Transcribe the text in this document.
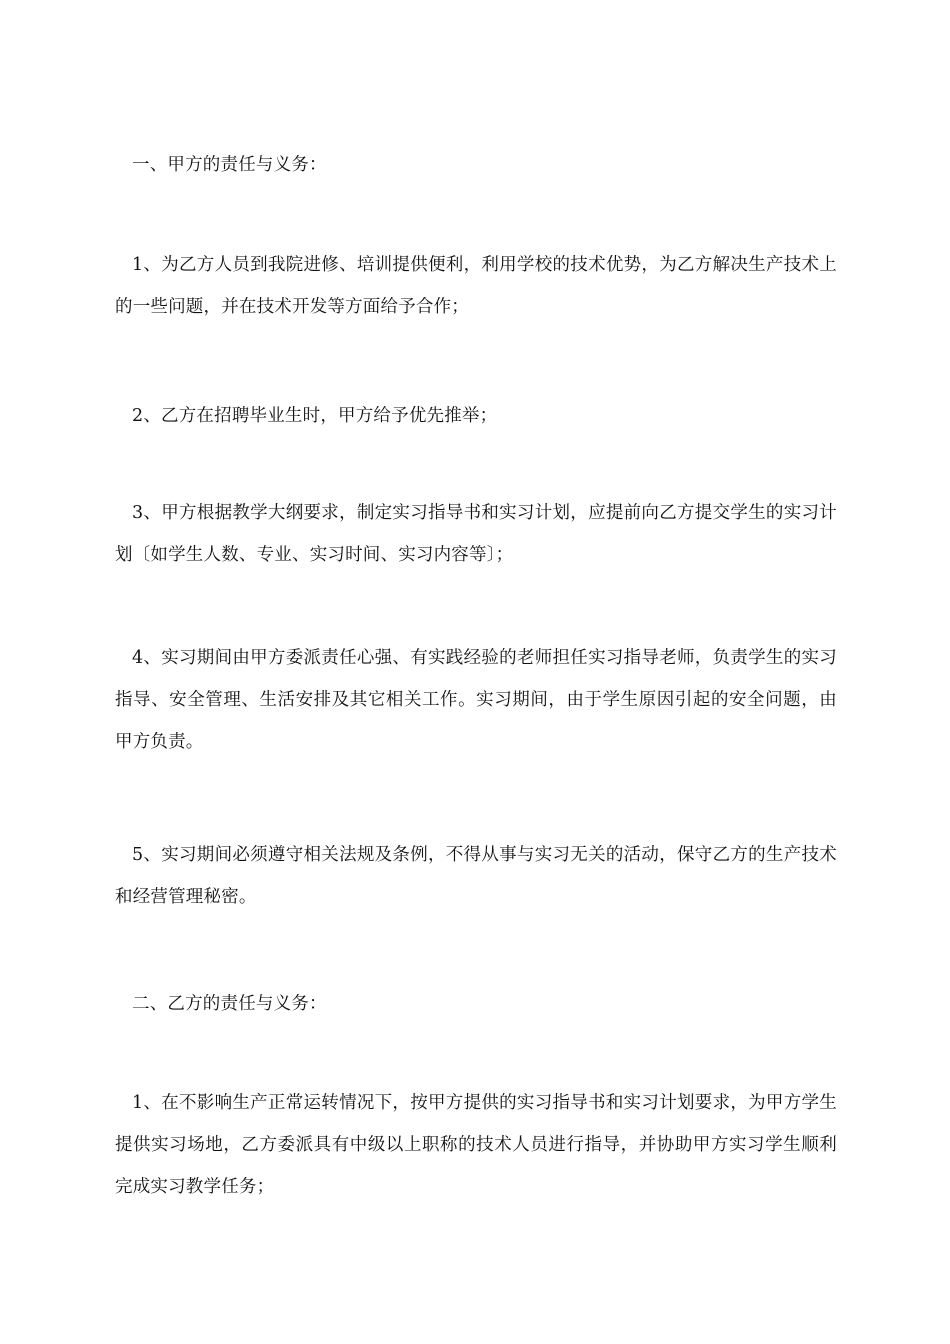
一、甲方的责任与义务：

1、为乙方人员到我院进修、培训提供便利，利用学校的技术优势，为乙方解决生产技术上的一些问题，并在技术开发等方面给予合作；

2、乙方在招聘毕业生时，甲方给予优先推举；

3、甲方根据教学大纲要求，制定实习指导书和实习计划，应提前向乙方提交学生的实习计划〔如学生人数、专业、实习时间、实习内容等〕；

4、实习期间由甲方委派责任心强、有实践经验的老师担任实习指导老师，负责学生的实习指导、安全管理、生活安排及其它相关工作。实习期间，由于学生原因引起的安全问题，由甲方负责。

5、实习期间必须遵守相关法规及条例，不得从事与实习无关的活动，保守乙方的生产技术和经营管理秘密。

二、乙方的责任与义务：

1、在不影响生产正常运转情况下，按甲方提供的实习指导书和实习计划要求，为甲方学生提供实习场地，乙方委派具有中级以上职称的技术人员进行指导，并协助甲方实习学生顺利完成实习教学任务；
